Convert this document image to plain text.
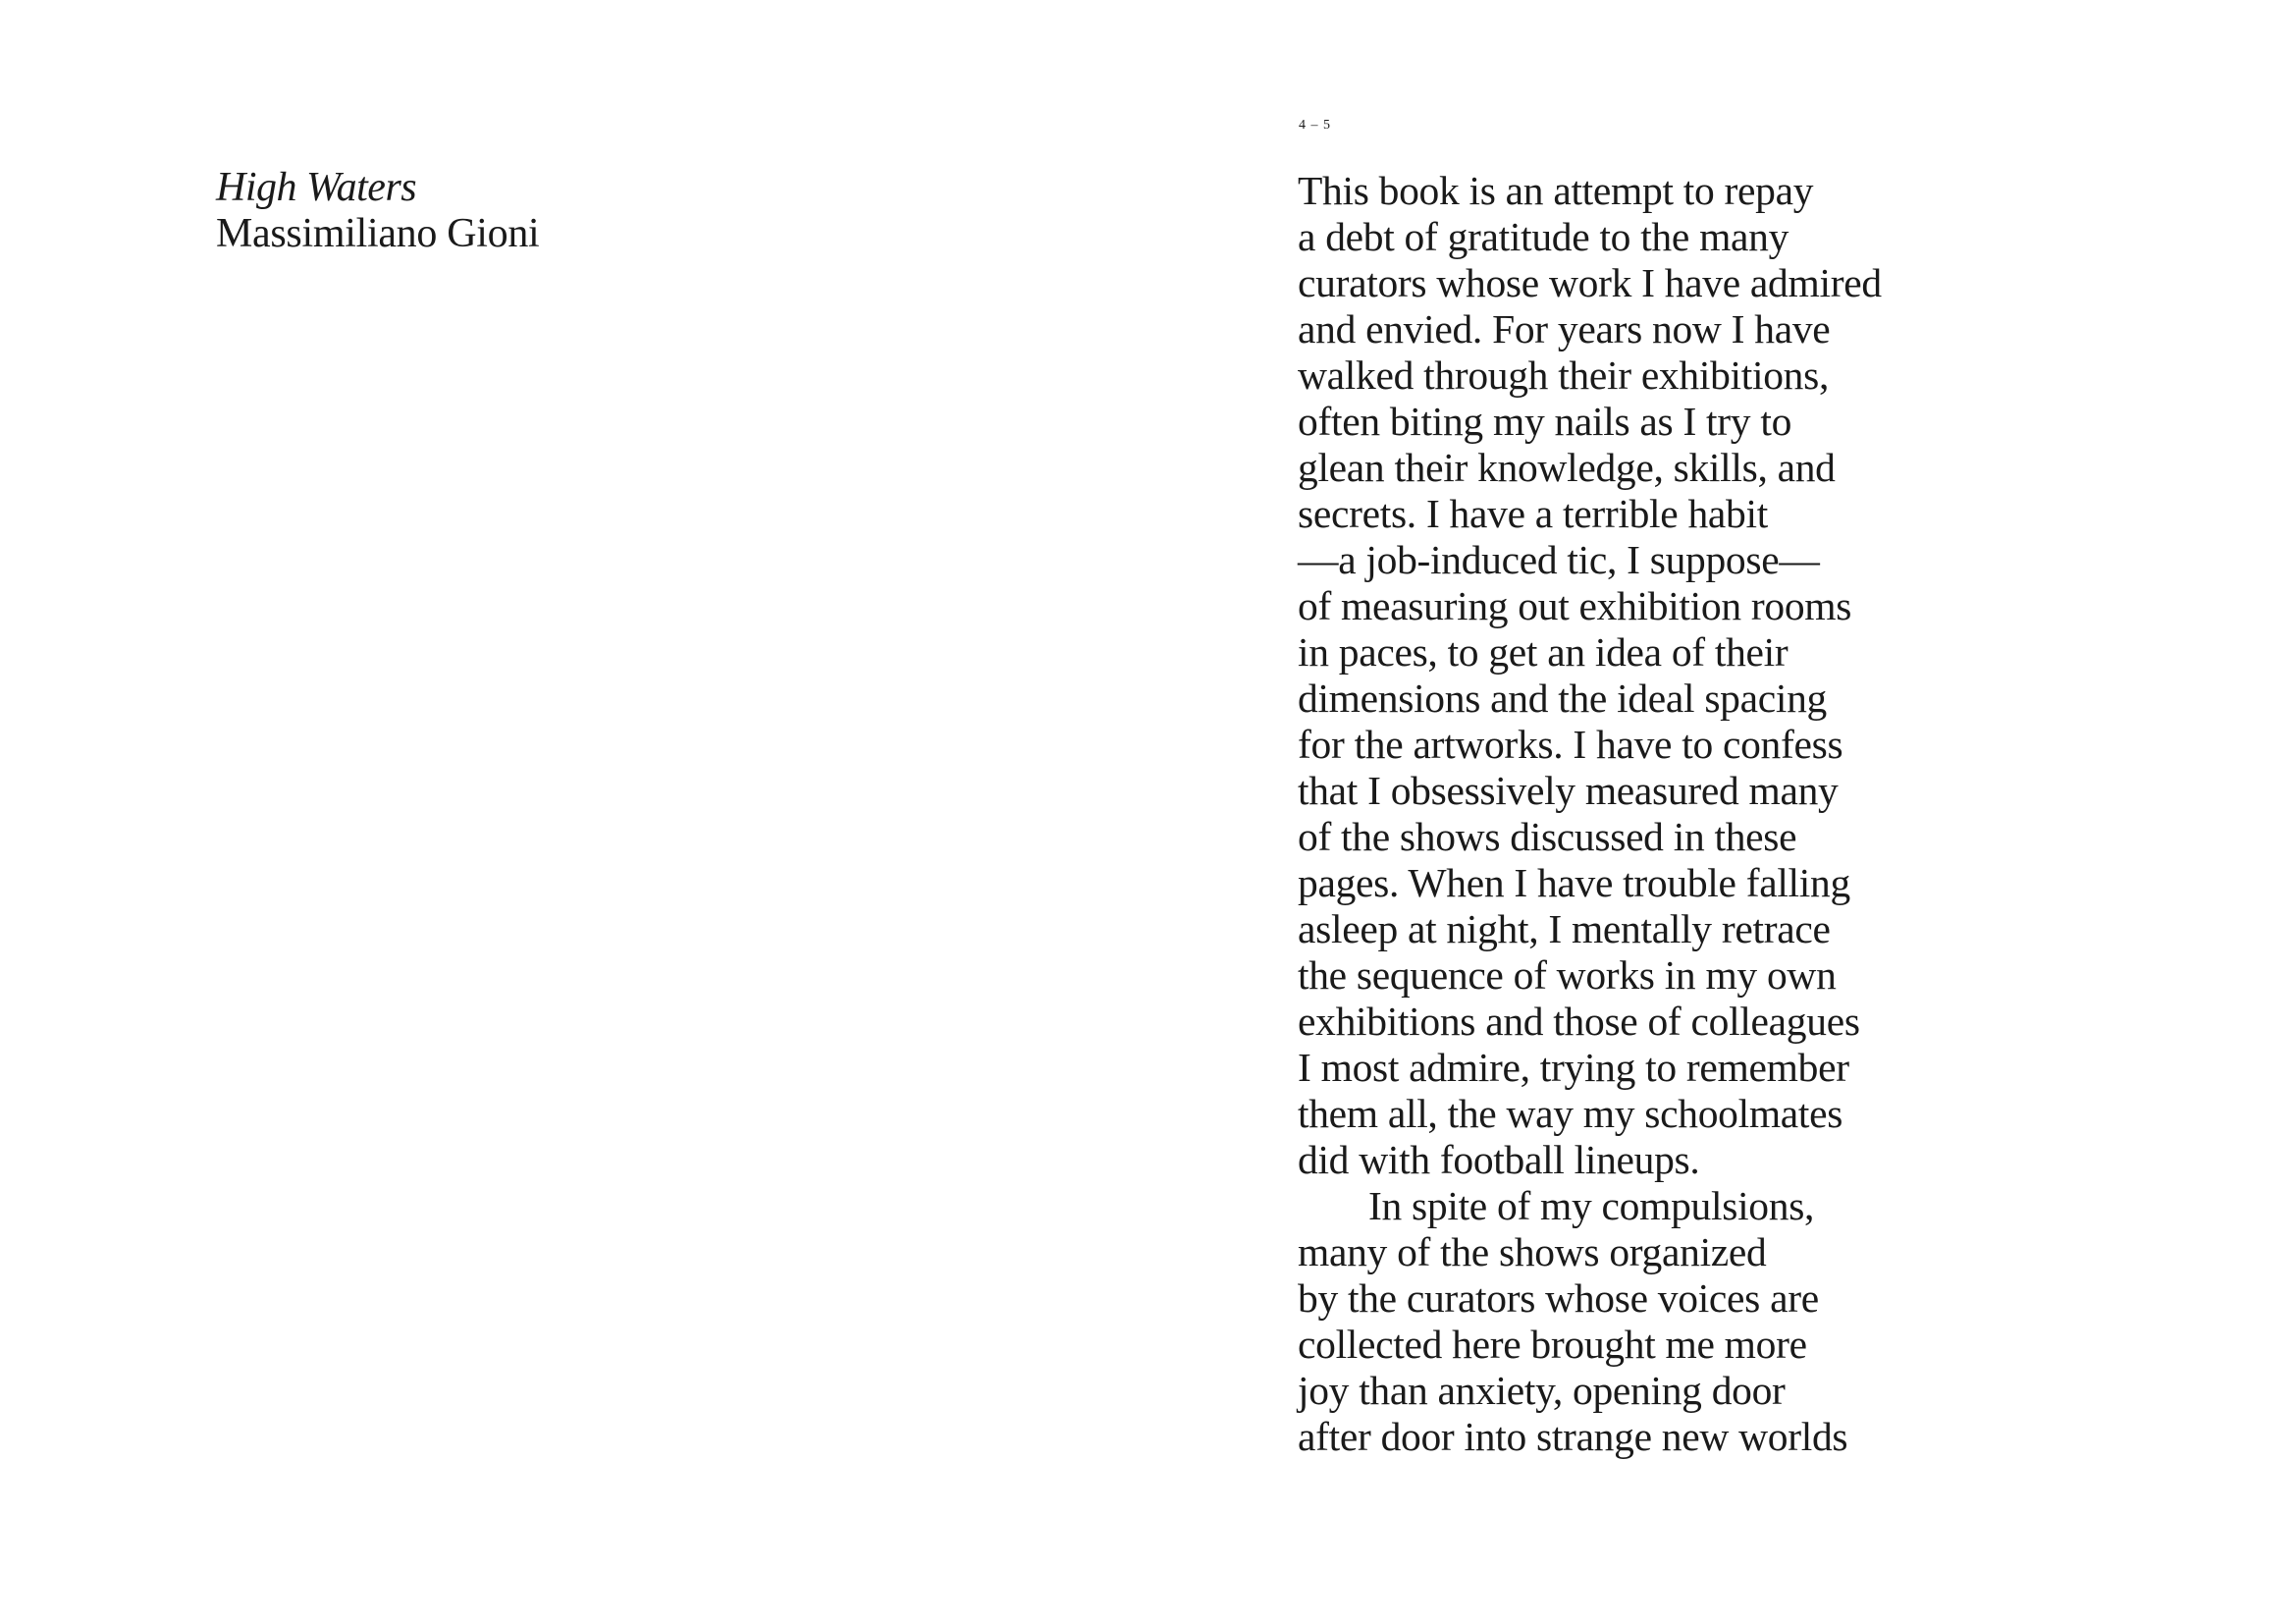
High Waters
Massimiliano Gioni
4 – 5

This book is an attempt to repay
a debt of gratitude to the many
curators whose work I have admired
and envied. For years now I have
walked through their exhibitions,
often biting my nails as I try to
glean their knowledge, skills, and
secrets. I have a terrible habit
—a job-induced tic, I suppose—
of measuring out exhibition rooms
in paces, to get an idea of their
dimensions and the ideal spacing
for the artworks. I have to confess
that I obsessively measured many
of the shows discussed in these
pages. When I have trouble falling
asleep at night, I mentally retrace
the sequence of works in my own
exhibitions and those of colleagues
I most admire, trying to remember
them all, the way my schoolmates
did with football lineups.
In spite of my compulsions,
many of the shows organized
by the curators whose voices are
collected here brought me more
joy than anxiety, opening door
after door into strange new worlds
